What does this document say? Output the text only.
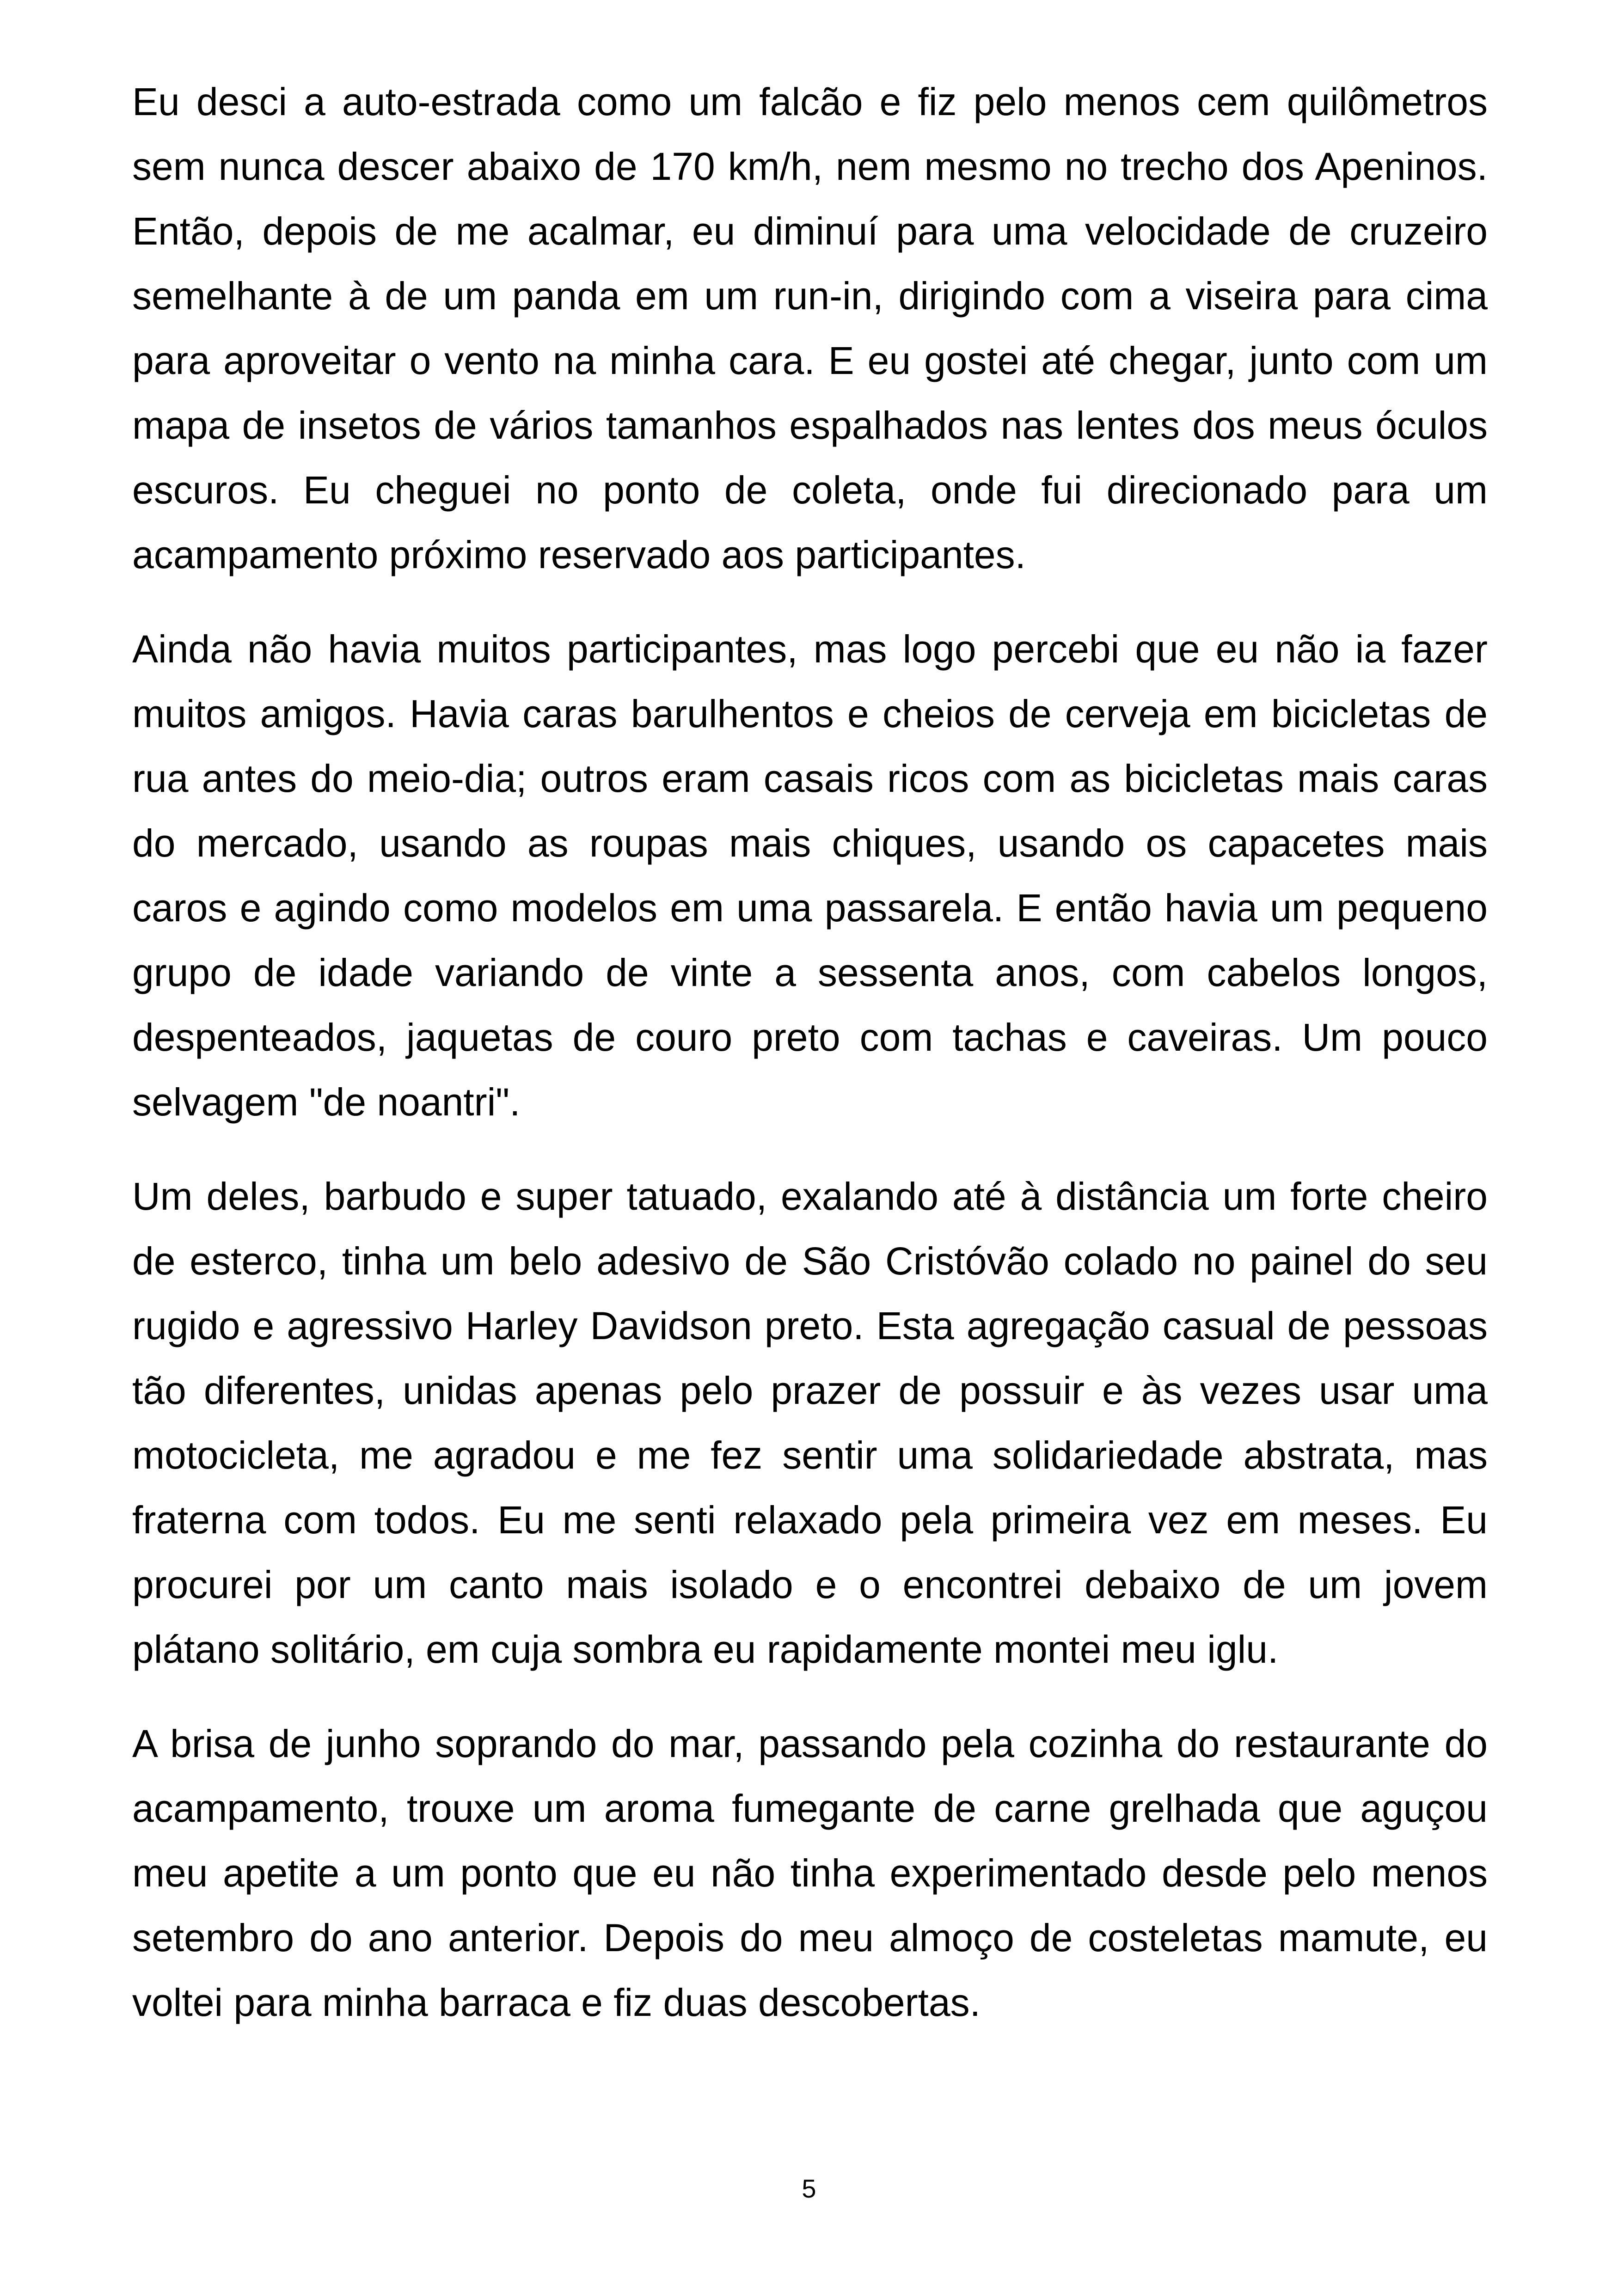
Eu desci a auto-estrada como um falcão e fiz pelo menos cem quilômetros sem nunca descer abaixo de 170 km/h, nem mesmo no trecho dos Apeninos. Então, depois de me acalmar, eu diminuí para uma velocidade de cruzeiro semelhante à de um panda em um run-in, dirigindo com a viseira para cima para aproveitar o vento na minha cara. E eu gostei até chegar, junto com um mapa de insetos de vários tamanhos espalhados nas lentes dos meus óculos escuros. Eu cheguei no ponto de coleta, onde fui direcionado para um acampamento próximo reservado aos participantes.

Ainda não havia muitos participantes, mas logo percebi que eu não ia fazer muitos amigos. Havia caras barulhentos e cheios de cerveja em bicicletas de rua antes do meio-dia; outros eram casais ricos com as bicicletas mais caras do mercado, usando as roupas mais chiques, usando os capacetes mais caros e agindo como modelos em uma passarela. E então havia um pequeno grupo de idade variando de vinte a sessenta anos, com cabelos longos, despenteados, jaquetas de couro preto com tachas e caveiras. Um pouco selvagem "de noantri".

Um deles, barbudo e super tatuado, exalando até à distância um forte cheiro de esterco, tinha um belo adesivo de São Cristóvão colado no painel do seu rugido e agressivo Harley Davidson preto. Esta agregação casual de pessoas tão diferentes, unidas apenas pelo prazer de possuir e às vezes usar uma motocicleta, me agradou e me fez sentir uma solidariedade abstrata, mas fraterna com todos. Eu me senti relaxado pela primeira vez em meses. Eu procurei por um canto mais isolado e o encontrei debaixo de um jovem plátano solitário, em cuja sombra eu rapidamente montei meu iglu.

A brisa de junho soprando do mar, passando pela cozinha do restaurante do acampamento, trouxe um aroma fumegante de carne grelhada que aguçou meu apetite a um ponto que eu não tinha experimentado desde pelo menos setembro do ano anterior. Depois do meu almoço de costeletas mamute, eu voltei para minha barraca e fiz duas descobertas.

5
